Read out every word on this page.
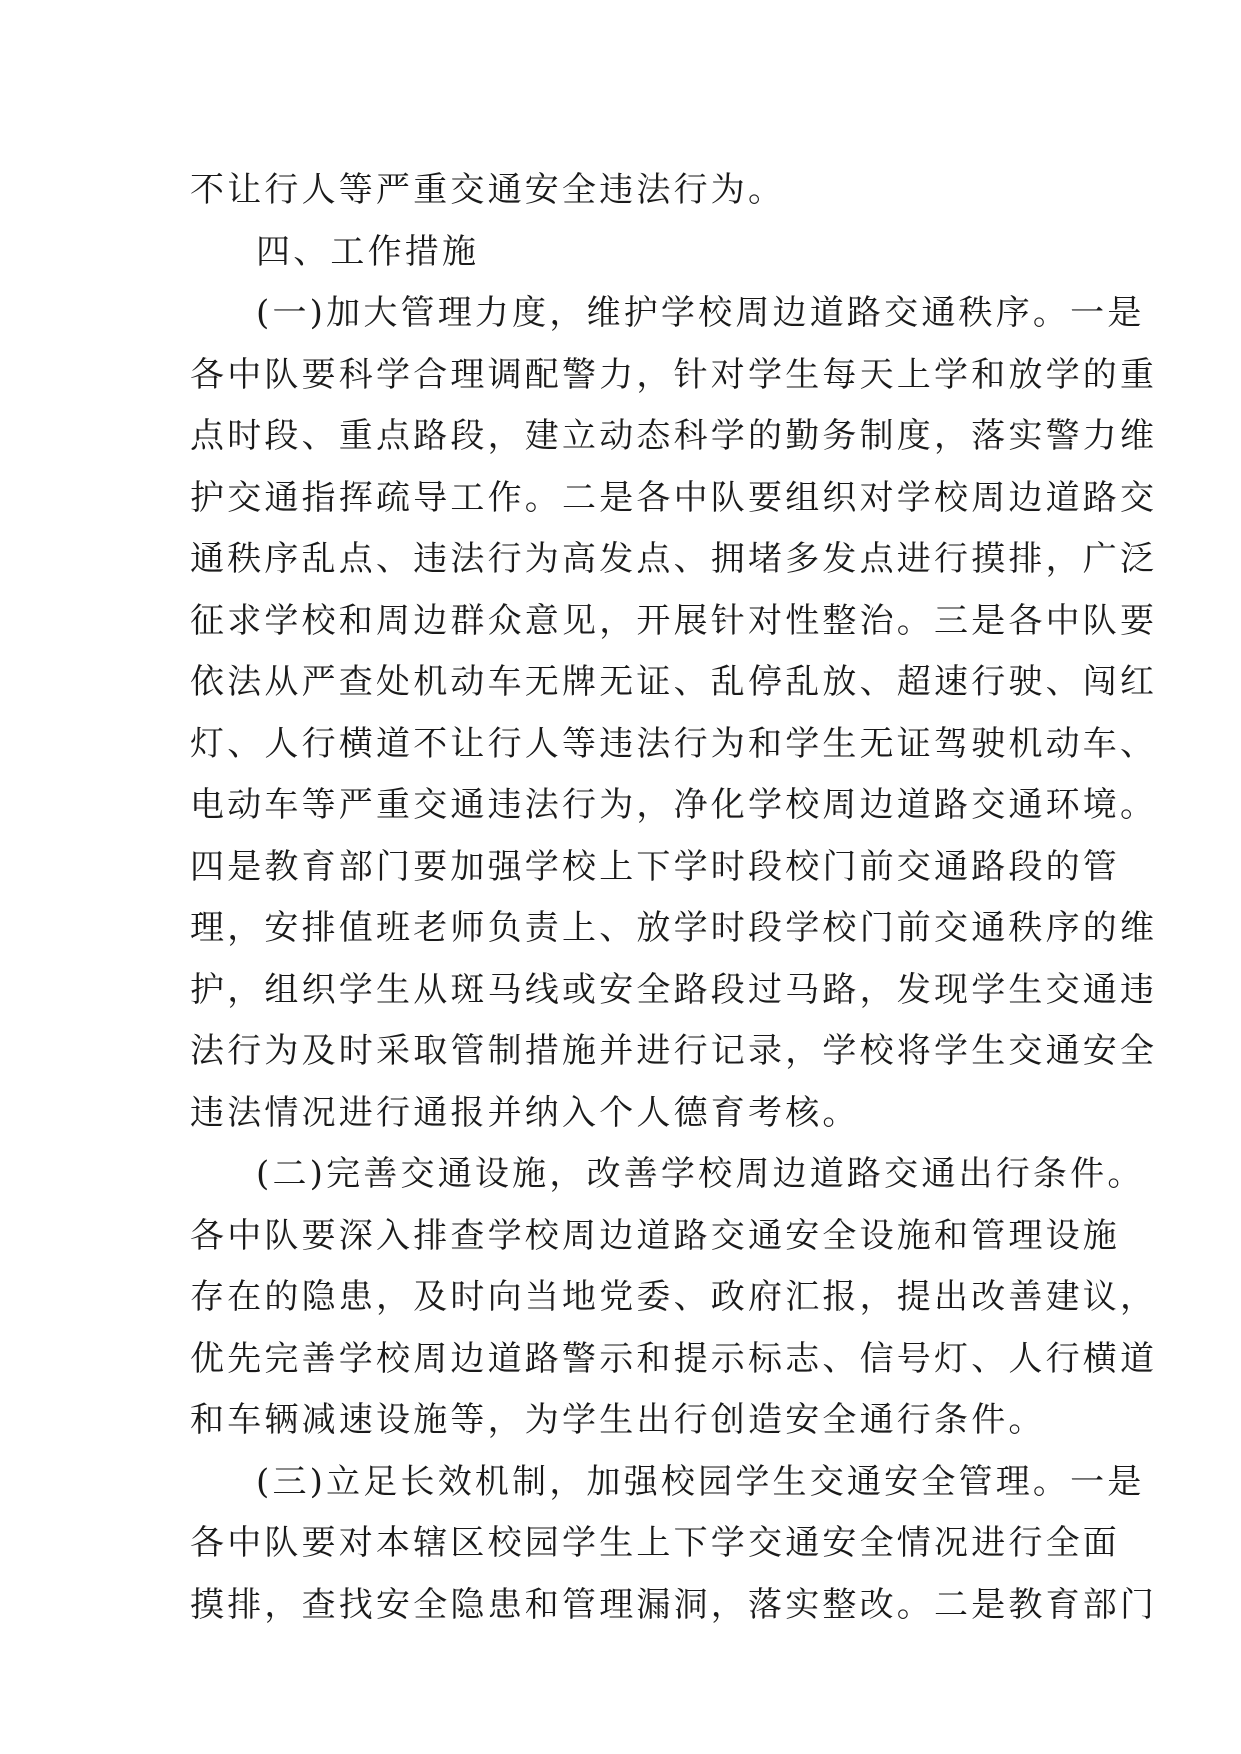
不让行人等严重交通安全违法行为。
四、工作措施
(一)加大管理力度，维护学校周边道路交通秩序。一是
各中队要科学合理调配警力，针对学生每天上学和放学的重
点时段、重点路段，建立动态科学的勤务制度，落实警力维
护交通指挥疏导工作。二是各中队要组织对学校周边道路交
通秩序乱点、违法行为高发点、拥堵多发点进行摸排，广泛
征求学校和周边群众意见，开展针对性整治。三是各中队要
依法从严查处机动车无牌无证、乱停乱放、超速行驶、闯红
灯、人行横道不让行人等违法行为和学生无证驾驶机动车、
电动车等严重交通违法行为，净化学校周边道路交通环境。
四是教育部门要加强学校上下学时段校门前交通路段的管
理，安排值班老师负责上、放学时段学校门前交通秩序的维
护，组织学生从斑马线或安全路段过马路，发现学生交通违
法行为及时采取管制措施并进行记录，学校将学生交通安全
违法情况进行通报并纳入个人德育考核。
(二)完善交通设施，改善学校周边道路交通出行条件。
各中队要深入排查学校周边道路交通安全设施和管理设施
存在的隐患，及时向当地党委、政府汇报，提出改善建议，
优先完善学校周边道路警示和提示标志、信号灯、人行横道
和车辆减速设施等，为学生出行创造安全通行条件。
(三)立足长效机制，加强校园学生交通安全管理。一是
各中队要对本辖区校园学生上下学交通安全情况进行全面
摸排，查找安全隐患和管理漏洞，落实整改。二是教育部门
